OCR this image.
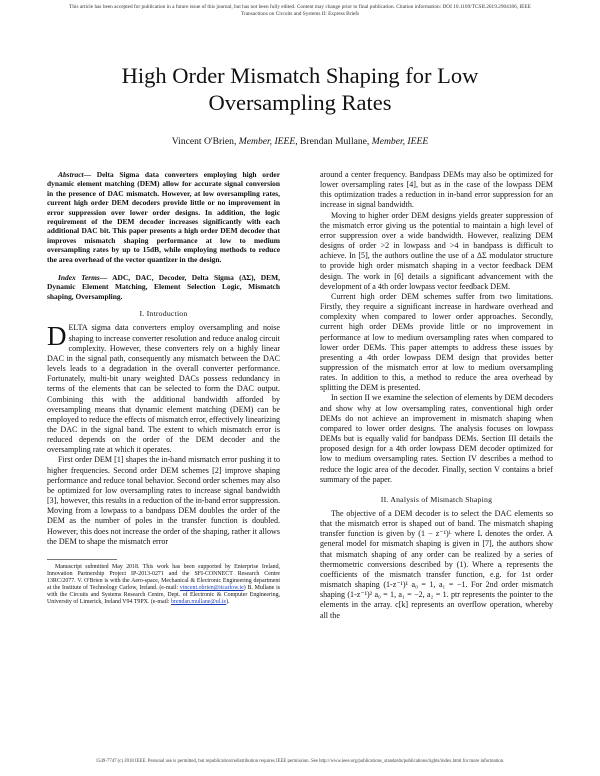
This article has been accepted for publication in a future issue of this journal, but has not been fully edited. Content may change prior to final publication. Citation information: DOI 10.1109/TCSII.2019.2904186, IEEE Transactions on Circuits and Systems II: Express Briefs
High Order Mismatch Shaping for Low Oversampling Rates
Vincent O'Brien, Member, IEEE, Brendan Mullane, Member, IEEE

Abstract— Delta Sigma data converters employing high order dynamic element matching (DEM) allow for accurate signal conversion in the presence of DAC mismatch. However, at low oversampling rates, current high order DEM decoders provide little or no improvement in error suppression over lower order designs. In addition, the logic requirement of the DEM decoder increases significantly with each additional DAC bit. This paper presents a high order DEM decoder that improves mismatch shaping performance at low to medium oversampling rates by up to 15dB, while employing methods to reduce the area overhead of the vector quantizer in the design.

Index Terms— ADC, DAC, Decoder, Delta Sigma (ΔΣ), DEM, Dynamic Element Matching, Element Selection Logic, Mismatch shaping, Oversampling.

I. Introduction

DELTA sigma data converters employ oversampling and noise shaping to increase converter resolution and reduce analog circuit complexity. However, these converters rely on a highly linear DAC in the signal path, consequently any mismatch between the DAC levels leads to a degradation in the overall converter performance. Fortunately, multi-bit unary weighted DACs possess redundancy in terms of the elements that can be selected to form the DAC output. Combining this with the additional bandwidth afforded by oversampling means that dynamic element matching (DEM) can be employed to reduce the effects of mismatch error, effectively linearizing the DAC in the signal band. The extent to which mismatch error is reduced depends on the order of the DEM decoder and the oversampling rate at which it operates.

First order DEM [1] shapes the in-band mismatch error pushing it to higher frequencies. Second order DEM schemes [2] improve shaping performance and reduce tonal behavior. Second order schemes may also be optimized for low oversampling rates to increase signal bandwidth [3], however, this results in a reduction of the in-band error suppression. Moving from a lowpass to a bandpass DEM doubles the order of the DEM as the number of poles in the transfer function is doubled. However, this does not increase the order of the shaping, rather it allows the DEM to shape the mismatch error

Manuscript submitted May 2018. This work has been supported by Enterprise Ireland, Innovation Partnership Project IP-2013-0271 and the SFI-CONNECT Research Centre 13RC/2077. V. O'Brien is with the Aero-space, Mechanical & Electronic Engineering department at the Institute of Technology Carlow, Ireland. (e-mail: vincent.obrien@itcarlow.ie) B. Mullane is with the Circuits and Systems Research Centre, Dept. of Electronic & Computer Engineering, University of Limerick, Ireland V94 T9PX. (e-mail: brendan.mullane@ul.ie).

around a center frequency. Bandpass DEMs may also be optimized for lower oversampling rates [4], but as in the case of the lowpass DEM this optimization trades a reduction in in-band error suppression for an increase in signal bandwidth.

Moving to higher order DEM designs yields greater suppression of the mismatch error giving us the potential to maintain a high level of error suppression over a wide bandwidth. However, realizing DEM designs of order >2 in lowpass and >4 in bandpass is difficult to achieve. In [5], the authors outline the use of a ΔΣ modulator structure to provide high order mismatch shaping in a vector feedback DEM design. The work in [6] details a significant advancement with the development of a 4th order lowpass vector feedback DEM.

Current high order DEM schemes suffer from two limitations. Firstly, they require a significant increase in hardware overhead and complexity when compared to lower order approaches. Secondly, current high order DEMs provide little or no improvement in performance at low to medium oversampling rates when compared to lower order DEMs. This paper attempts to address these issues by presenting a 4th order lowpass DEM design that provides better suppression of the mismatch error at low to medium oversampling rates. In addition to this, a method to reduce the area overhead by splitting the DEM is presented.

In section II we examine the selection of elements by DEM decoders and show why at low oversampling rates, conventional high order DEMs do not achieve an improvement in mismatch shaping when compared to lower order designs. The analysis focuses on lowpass DEMs but is equally valid for bandpass DEMs. Section III details the proposed design for a 4th order lowpass DEM decoder optimized for low to medium oversampling rates. Section IV describes a method to reduce the logic area of the decoder. Finally, section V contains a brief summary of the paper.

II. Analysis of Mismatch Shaping

The objective of a DEM decoder is to select the DAC elements so that the mismatch error is shaped out of band. The mismatch shaping transfer function is given by (1 − z⁻¹)ᴸ where L denotes the order. A general model for mismatch shaping is given in [7], the authors show that mismatch shaping of any order can be realized by a series of thermometric conversions described by (1). Where aᵢ represents the coefficients of the mismatch transfer function, e.g. for 1st order mismatch shaping (1-z⁻¹)¹ a₀ = 1, a₁ = −1. For 2nd order mismatch shaping (1-z⁻¹)² a₀ = 1, a₁ = −2, a₂ = 1. ptr represents the pointer to the elements in the array. c[k] represents an overflow operation, whereby all the

1549-7747 (c) 2018 IEEE. Personal use is permitted, but republication/redistribution requires IEEE permission. See http://www.ieee.org/publications_standards/publications/rights/index.html for more information.
